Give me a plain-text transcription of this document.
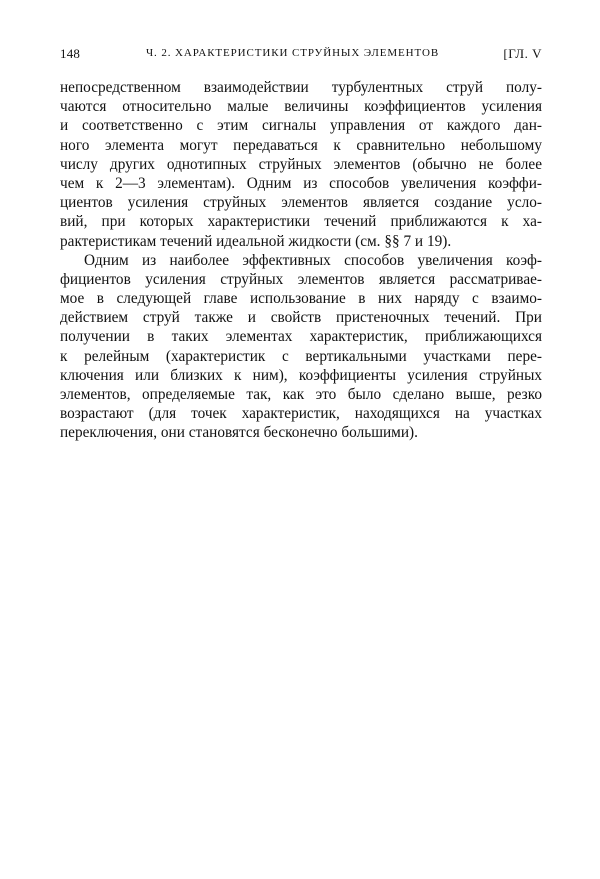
148	Ч. 2. ХАРАКТЕРИСТИКИ СТРУЙНЫХ ЭЛЕМЕНТОВ	[ГЛ. V
непосредственном взаимодействии турбулентных струй полу-
чаются относительно малые величины коэффициентов усиления
и соответственно с этим сигналы управления от каждого дан-
ного элемента могут передаваться к сравнительно небольшому
числу других однотипных струйных элементов (обычно не более
чем к 2—3 элементам). Одним из способов увеличения коэффи-
циентов усиления струйных элементов является создание усло-
вий, при которых характеристики течений приближаются к ха-
рактеристикам течений идеальной жидкости (см. §§ 7 и 19).
Одним из наиболее эффективных способов увеличения коэф-
фициентов усиления струйных элементов является рассматривае-
мое в следующей главе использование в них наряду с взаимо-
действием струй также и свойств пристеночных течений. При
получении в таких элементах характеристик, приближающихся
к релейным (характеристик с вертикальными участками пере-
ключения или близких к ним), коэффициенты усиления струйных
элементов, определяемые так, как это было сделано выше, резко
возрастают (для точек характеристик, находящихся на участках
переключения, они становятся бесконечно большими).
